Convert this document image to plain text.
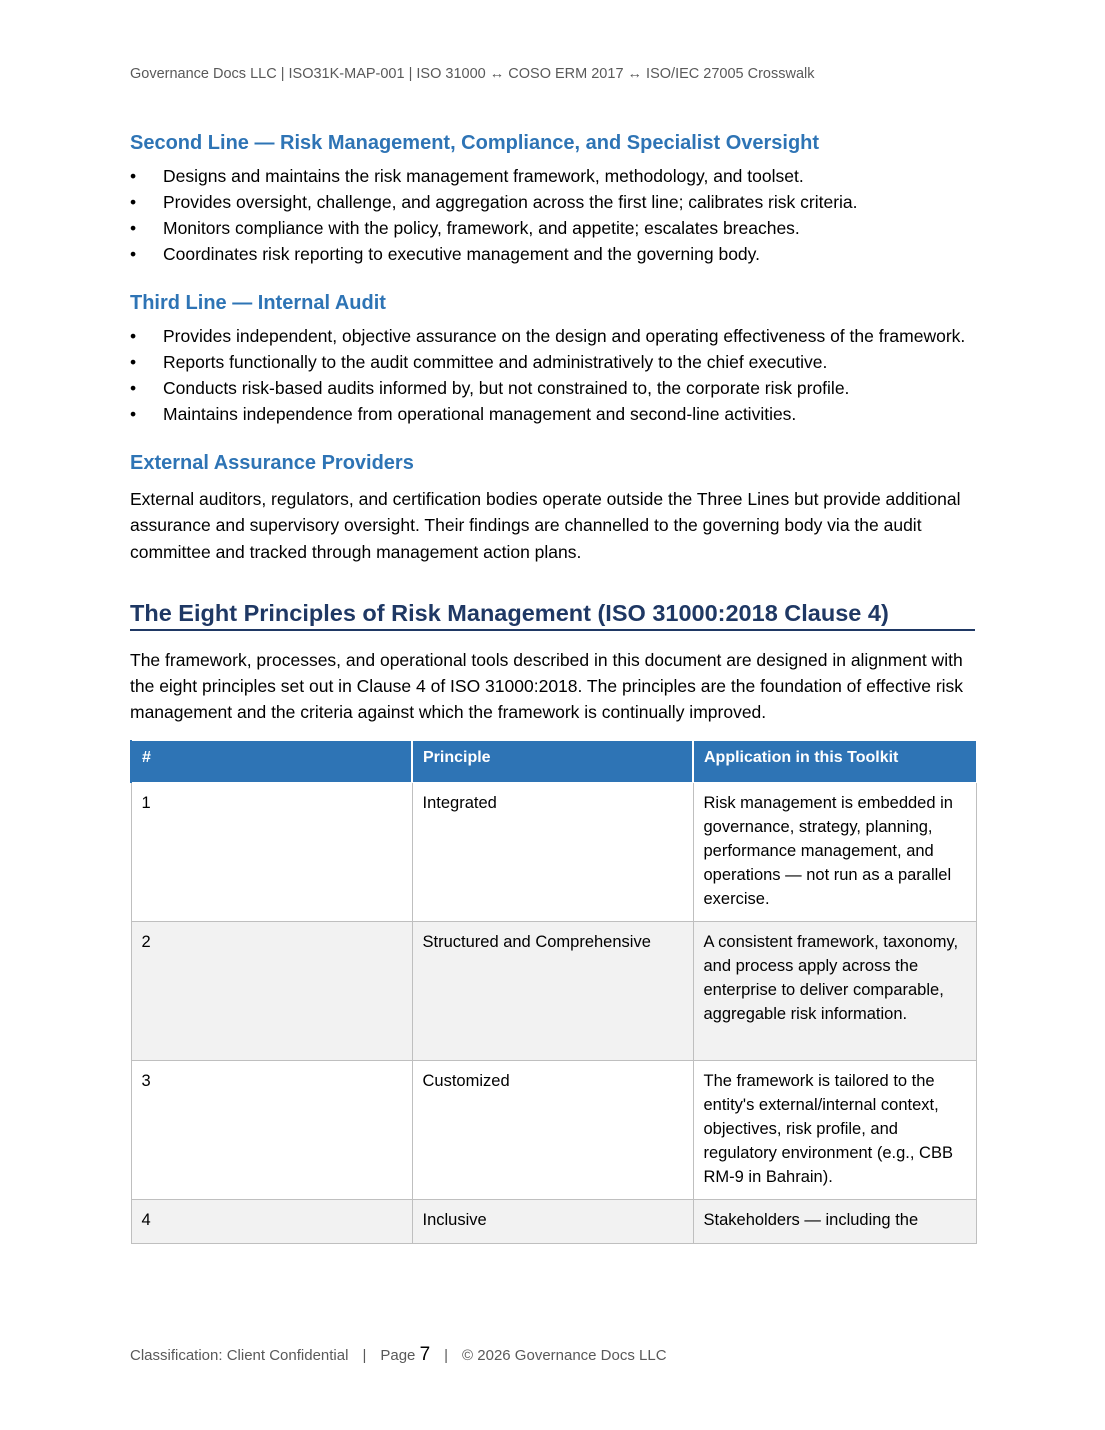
Governance Docs LLC | ISO31K-MAP-001 | ISO 31000 ↔ COSO ERM 2017 ↔ ISO/IEC 27005 Crosswalk
Second Line — Risk Management, Compliance, and Specialist Oversight
• Designs and maintains the risk management framework, methodology, and toolset.
• Provides oversight, challenge, and aggregation across the first line; calibrates risk criteria.
• Monitors compliance with the policy, framework, and appetite; escalates breaches.
• Coordinates risk reporting to executive management and the governing body.
Third Line — Internal Audit
• Provides independent, objective assurance on the design and operating effectiveness of the framework.
• Reports functionally to the audit committee and administratively to the chief executive.
• Conducts risk-based audits informed by, but not constrained to, the corporate risk profile.
• Maintains independence from operational management and second-line activities.
External Assurance Providers

External auditors, regulators, and certification bodies operate outside the Three Lines but provide additional assurance and supervisory oversight. Their findings are channelled to the governing body via the audit committee and tracked through management action plans.

The Eight Principles of Risk Management (ISO 31000:2018 Clause 4)

The framework, processes, and operational tools described in this document are designed in alignment with the eight principles set out in Clause 4 of ISO 31000:2018. The principles are the foundation of effective risk management and the criteria against which the framework is continually improved.

#	Principle	Application in this Toolkit
1	Integrated	Risk management is embedded in governance, strategy, planning, performance management, and operations — not run as a parallel exercise.
2	Structured and Comprehensive	A consistent framework, taxonomy, and process apply across the enterprise to deliver comparable, aggregable risk information.
3	Customized	The framework is tailored to the entity's external/internal context, objectives, risk profile, and regulatory environment (e.g., CBB RM-9 in Bahrain).
4	Inclusive	Stakeholders — including the
Classification: Client Confidential | Page 7 | © 2026 Governance Docs LLC
